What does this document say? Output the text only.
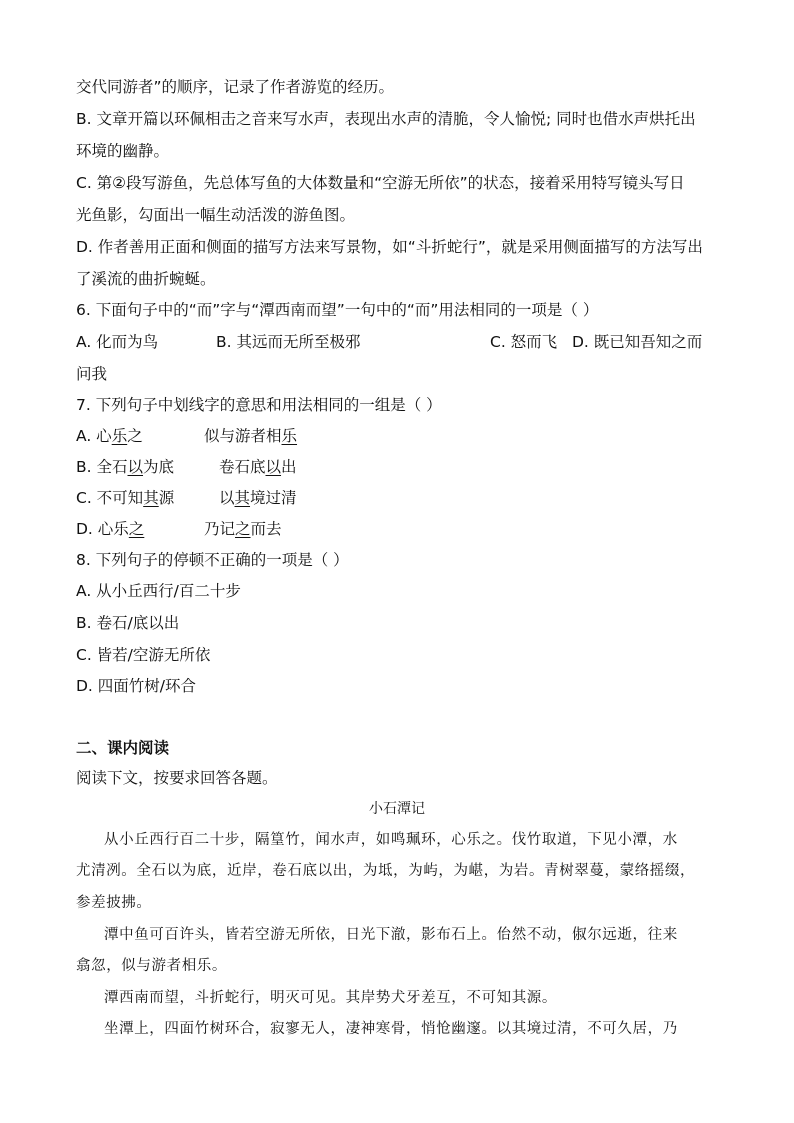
交代同游者”的顺序，记录了作者游览的经历。
B. 文章开篇以环佩相击之音来写水声，表现出水声的清脆，令人愉悦; 同时也借水声烘托出
环境的幽静。
C. 第②段写游鱼，先总体写鱼的大体数量和“空游无所依”的状态，接着采用特写镜头写日
光鱼影，勾面出一幅生动活泼的游鱼图。
D. 作者善用正面和侧面的描写方法来写景物，如“斗折蛇行”，就是采用侧面描写的方法写出
了溪流的曲折蜿蜒。
6. 下面句子中的“而”字与“潭西南而望”一句中的“而”用法相同的一项是（ ）
A. 化而为鸟	B. 其远而无所至极邪	C. 怒而飞 D. 既已知吾知之而
问我
7. 下列句子中划线字的意思和用法相同的一组是（ ）
A. 心乐之	似与游者相乐
B. 全石以为底	卷石底以出
C. 不可知其源	以其境过清
D. 心乐之	乃记之而去
8. 下列句子的停顿不正确的一项是（ ）
A. 从小丘西行/百二十步
B. 卷石/底以出
C. 皆若/空游无所依
D. 四面竹树/环合
二、课内阅读
阅读下文，按要求回答各题。
小石潭记
从小丘西行百二十步，隔篁竹，闻水声，如鸣珮环，心乐之。伐竹取道，下见小潭，水
尤清冽。全石以为底，近岸，卷石底以出，为坻，为屿，为嵁，为岩。青树翠蔓，蒙络摇缀，
参差披拂。
潭中鱼可百许头，皆若空游无所依，日光下澈，影布石上。佁然不动，俶尔远逝，往来
翕忽，似与游者相乐。
潭西南而望，斗折蛇行，明灭可见。其岸势犬牙差互，不可知其源。
坐潭上，四面竹树环合，寂寥无人，凄神寒骨，悄怆幽邃。以其境过清，不可久居，乃
